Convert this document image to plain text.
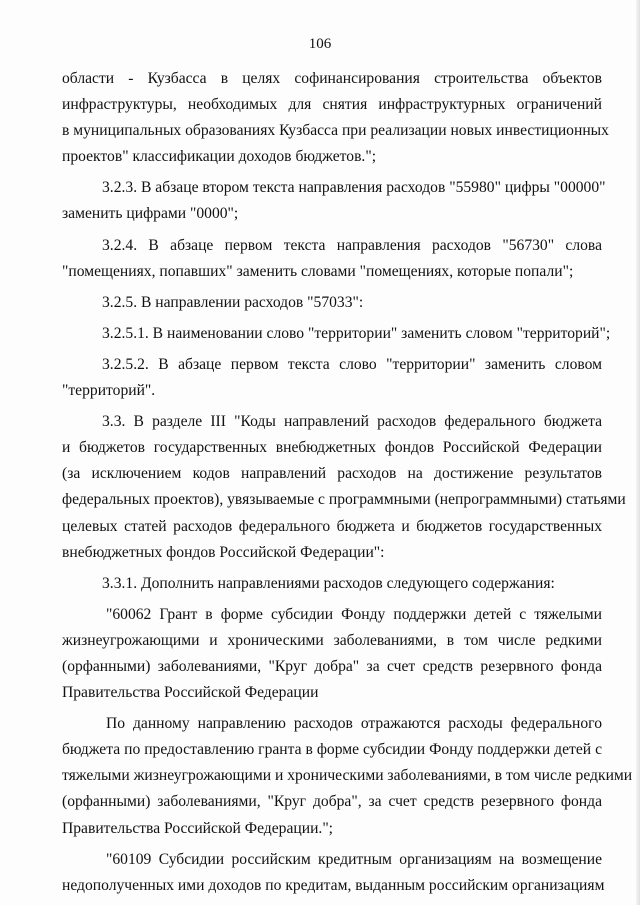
106
области - Кузбасса в целях софинансирования строительства объектов
инфраструктуры, необходимых для снятия инфраструктурных ограничений
в муниципальных образованиях Кузбасса при реализации новых инвестиционных
проектов" классификации доходов бюджетов.";
3.2.3. В абзаце втором текста направления расходов "55980" цифры "00000"
заменить цифрами "0000";
3.2.4. В абзаце первом текста направления расходов "56730" слова
"помещениях, попавших" заменить словами "помещениях, которые попали";
3.2.5. В направлении расходов "57033":
3.2.5.1. В наименовании слово "территории" заменить словом "территорий";
3.2.5.2. В абзаце первом текста слово "территории" заменить словом
"территорий".
3.3. В разделе III "Коды направлений расходов федерального бюджета
и бюджетов государственных внебюджетных фондов Российской Федерации
(за исключением кодов направлений расходов на достижение результатов
федеральных проектов), увязываемые с программными (непрограммными) статьями
целевых статей расходов федерального бюджета и бюджетов государственных
внебюджетных фондов Российской Федерации":
3.3.1. Дополнить направлениями расходов следующего содержания:
"60062 Грант в форме субсидии Фонду поддержки детей с тяжелыми
жизнеугрожающими и хроническими заболеваниями, в том числе редкими
(орфанными) заболеваниями, "Круг добра" за счет средств резервного фонда
Правительства Российской Федерации
По данному направлению расходов отражаются расходы федерального
бюджета по предоставлению гранта в форме субсидии Фонду поддержки детей с
тяжелыми жизнеугрожающими и хроническими заболеваниями, в том числе редкими
(орфанными) заболеваниями, "Круг добра", за счет средств резервного фонда
Правительства Российской Федерации.";
"60109 Субсидии российским кредитным организациям на возмещение
недополученных ими доходов по кредитам, выданным российским организациям
